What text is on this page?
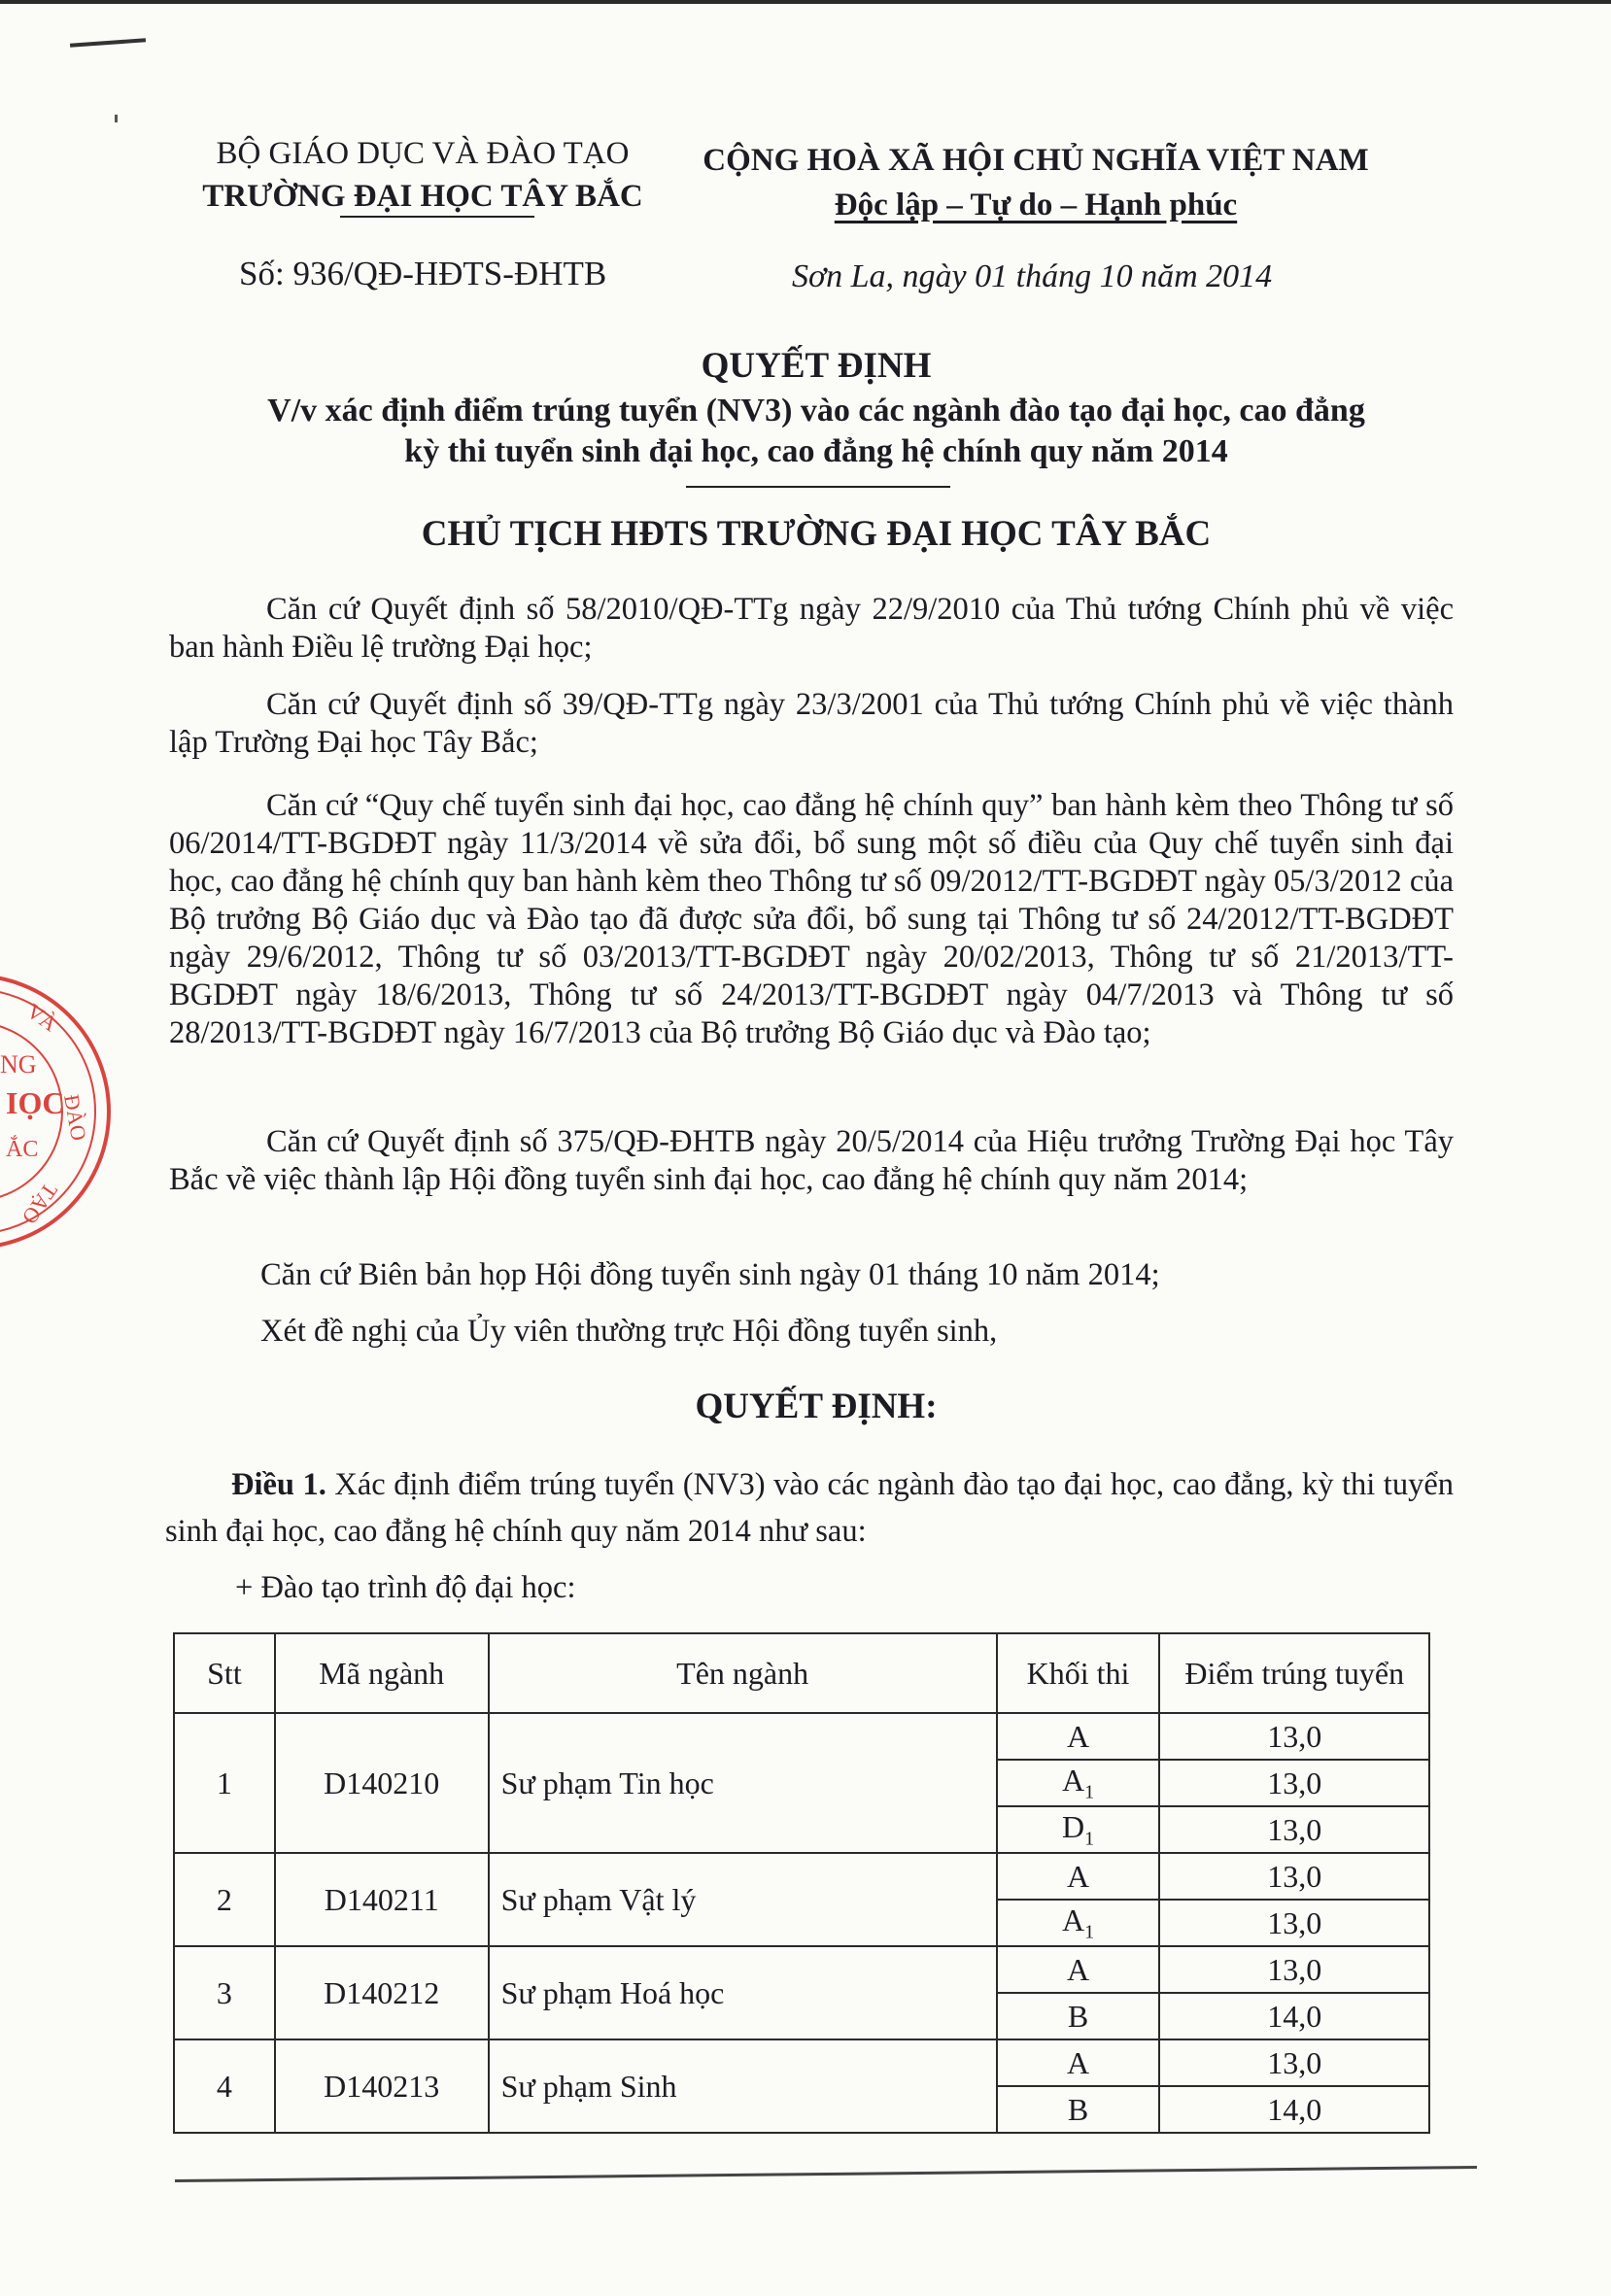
BỘ GIÁO DỤC VÀ ĐÀO TẠO
TRƯỜNG ĐẠI HỌC TÂY BẮC
CỘNG HOÀ XÃ HỘI CHỦ NGHĨA VIỆT NAM
Độc lập – Tự do – Hạnh phúc
Số: 936/QĐ-HĐTS-ĐHTB	Sơn La, ngày 01 tháng 10 năm 2014
QUYẾT ĐỊNH
V/v xác định điểm trúng tuyển (NV3) vào các ngành đào tạo đại học, cao đẳng
kỳ thi tuyển sinh đại học, cao đẳng hệ chính quy năm 2014
CHỦ TỊCH HĐTS TRƯỜNG ĐẠI HỌC TÂY BẮC

Căn cứ Quyết định số 58/2010/QĐ-TTg ngày 22/9/2010 của Thủ tướng Chính phủ về việc ban hành Điều lệ trường Đại học;

Căn cứ Quyết định số 39/QĐ-TTg ngày 23/3/2001 của Thủ tướng Chính phủ về việc thành lập Trường Đại học Tây Bắc;

Căn cứ “Quy chế tuyển sinh đại học, cao đẳng hệ chính quy” ban hành kèm theo Thông tư số 06/2014/TT-BGDĐT ngày 11/3/2014 về sửa đổi, bổ sung một số điều của Quy chế tuyển sinh đại học, cao đẳng hệ chính quy ban hành kèm theo Thông tư số 09/2012/TT-BGDĐT ngày 05/3/2012 của Bộ trưởng Bộ Giáo dục và Đào tạo đã được sửa đổi, bổ sung tại Thông tư số 24/2012/TT-BGDĐT ngày 29/6/2012, Thông tư số 03/2013/TT-BGDĐT ngày 20/02/2013, Thông tư số 21/2013/TT-BGDĐT ngày 18/6/2013, Thông tư số 24/2013/TT-BGDĐT ngày 04/7/2013 và Thông tư số 28/2013/TT-BGDĐT ngày 16/7/2013 của Bộ trưởng Bộ Giáo dục và Đào tạo;

Căn cứ Quyết định số 375/QĐ-ĐHTB ngày 20/5/2014 của Hiệu trưởng Trường Đại học Tây Bắc về việc thành lập Hội đồng tuyển sinh đại học, cao đẳng hệ chính quy năm 2014;

Căn cứ Biên bản họp Hội đồng tuyển sinh ngày 01 tháng 10 năm 2014;
Xét đề nghị của Ủy viên thường trực Hội đồng tuyển sinh,
QUYẾT ĐỊNH:

Điều 1. Xác định điểm trúng tuyển (NV3) vào các ngành đào tạo đại học, cao đẳng, kỳ thi tuyển sinh đại học, cao đẳng hệ chính quy năm 2014 như sau:

+ Đào tạo trình độ đại học:
Stt	Mã ngành	Tên ngành	Khối thi	Điểm trúng tuyển
1	D140210	Sư phạm Tin học	A	13,0
			$A_1$	13,0
			$D_1$	13,0
2	D140211	Sư phạm Vật lý	A	13,0
			$A_1$	13,0
3	D140212	Sư phạm Hoá học	A	13,0
			B	14,0
4	D140213	Sư phạm Sinh	A	13,0
			B	14,0
VÀ
ĐÀO
TẠO
NG
IỌC
ẮC
